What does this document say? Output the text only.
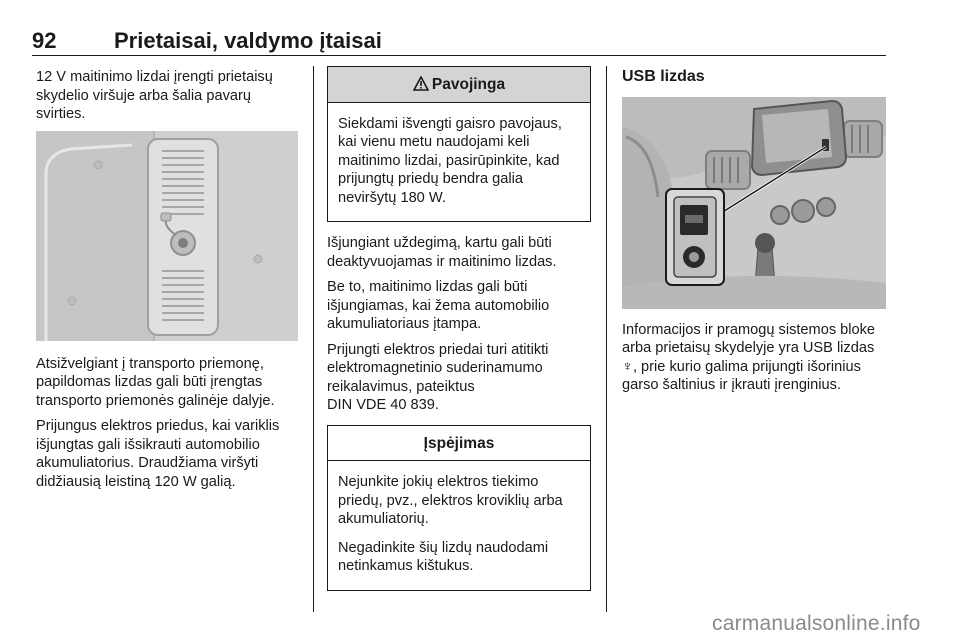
92	Prietaisai, valdymo įtaisai

12 V maitinimo lizdai įrengti prietaisų skydelio viršuje arba šalia pavarų svirties.

Atsižvelgiant į transporto priemonę, papildomas lizdas gali būti įrengtas transporto priemonės galinėje dalyje.

Prijungus elektros priedus, kai variklis išjungtas gali išsikrauti automobilio akumuliatorius. Draudžiama viršyti didžiausią leistiną 120 W galią.

Pavojinga

Siekdami išvengti gaisro pavojaus, kai vienu metu naudojami keli maitinimo lizdai, pasirūpinkite, kad prijungtų priedų bendra galia neviršytų 180 W.

Išjungiant uždegimą, kartu gali būti deaktyvuojamas ir maitinimo lizdas.

Be to, maitinimo lizdas gali būti išjungiamas, kai žema automobilio akumuliatoriaus įtampa.

Prijungti elektros priedai turi atitikti elektromagnetinio suderinamumo reikalavimus, pateiktus
DIN VDE 40 839.

Įspėjimas

Nejunkite jokių elektros tiekimo priedų, pvz., elektros kroviklių arba akumuliatorių.

Negadinkite šių lizdų naudodami netinkamus kištukus.

USB lizdas

Informacijos ir pramogų sistemos bloke arba prietaisų skydelyje yra USB lizdas ♆, prie kurio galima prijungti išorinius garso šaltinius ir įkrauti įrenginius.

carmanualsonline.info
